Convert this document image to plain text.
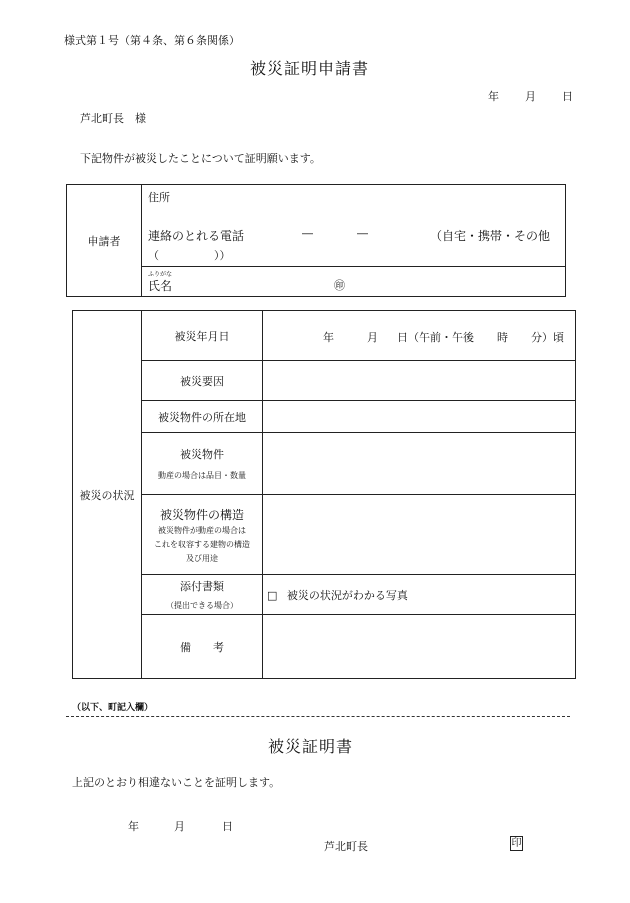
様式第１号（第４条、第６条関係）
被災証明申請書
年 月 日
芦北町長　様
下記物件が被災したことについて証明願います。
申請者	住所

連絡のとれる電話	―	―	（自宅・携帯・その他
（　　　　　））

ふりがな
氏名	㊞
被災の状況	被災年月日	年 月 日（午前・午後 時 分）頃

	被災要因	
	被災物件の所在地	

	被災物件
動産の場合は品目・数量	

	被災物件の構造
被災物件が動産の場合は
これを収容する建物の構造
及び用途	

	添付書類
（提出できる場合）	□ 被災の状況がわかる写真
	備　　考	
（以下、町記入欄）
被災証明書
上記のとおり相違ないことを証明します。
年	月	日
芦北町長	印
